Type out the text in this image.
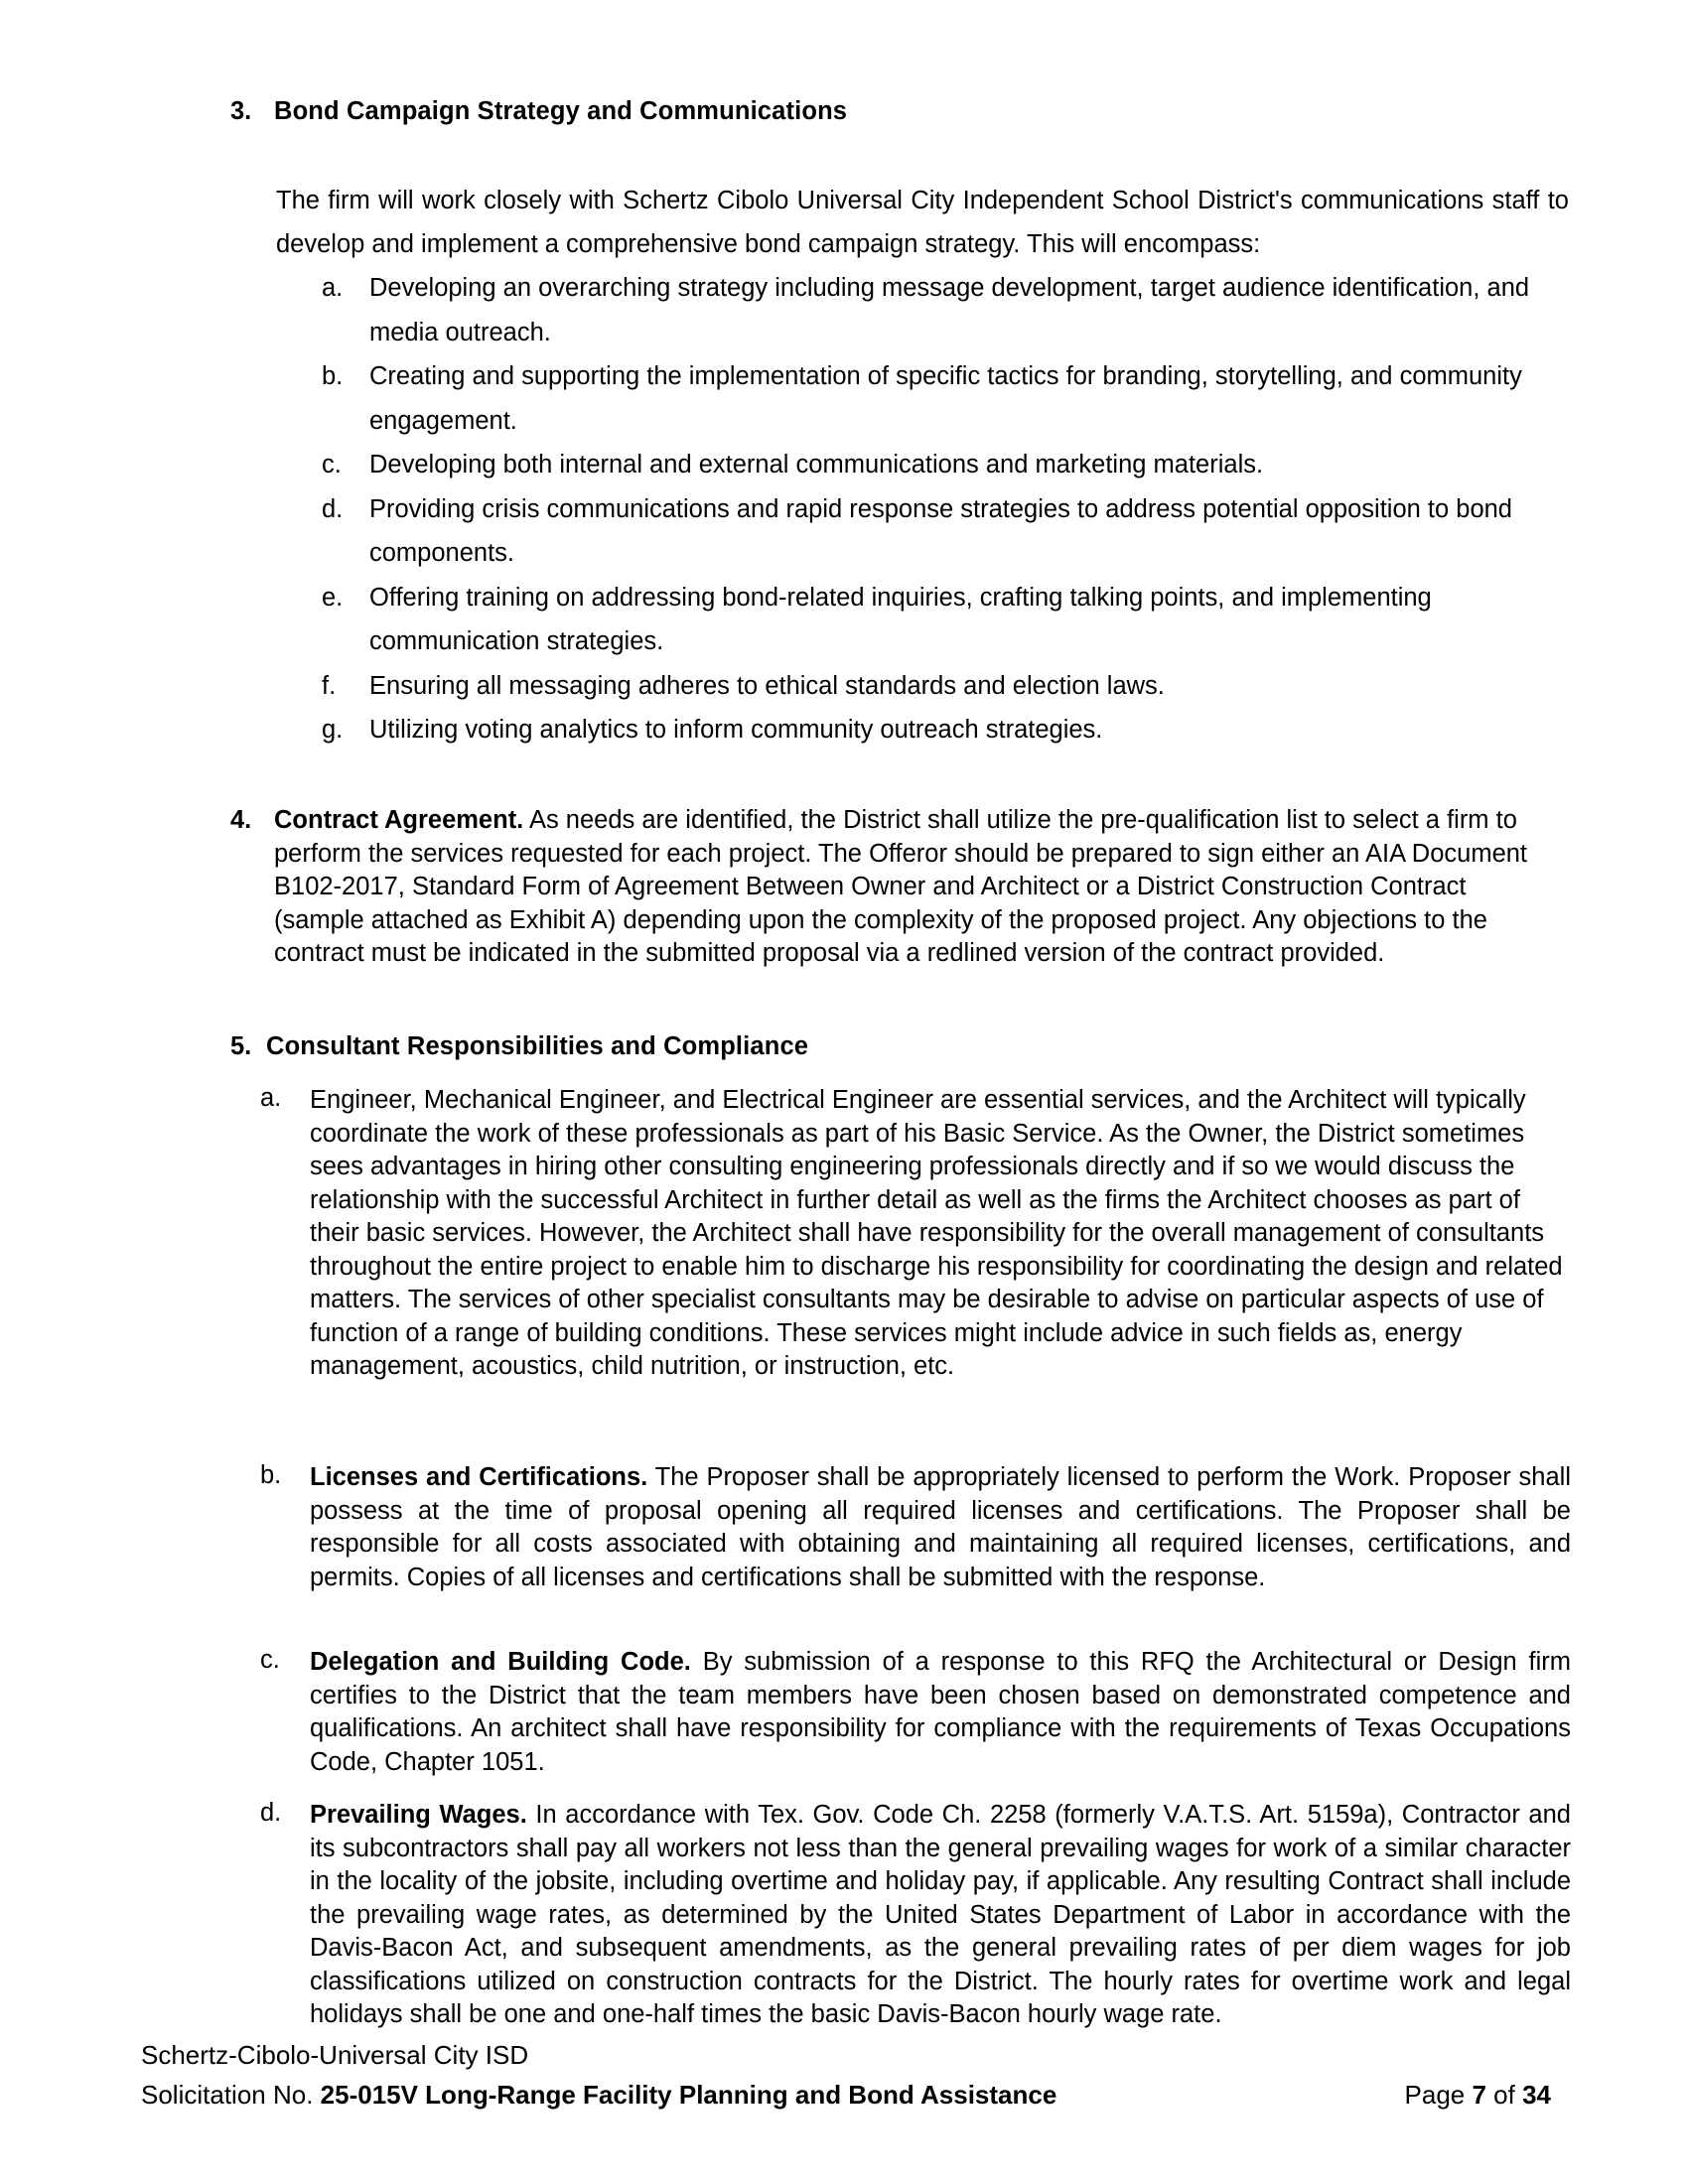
3. Bond Campaign Strategy and Communications
The firm will work closely with Schertz Cibolo Universal City Independent School District's communications staff to develop and implement a comprehensive bond campaign strategy. This will encompass:
a.	Developing an overarching strategy including message development, target audience identification, and media outreach.
b.	Creating and supporting the implementation of specific tactics for branding, storytelling, and community engagement.
c.	Developing both internal and external communications and marketing materials.
d.	Providing crisis communications and rapid response strategies to address potential opposition to bond components.
e.	Offering training on addressing bond-related inquiries, crafting talking points, and implementing communication strategies.
f.	Ensuring all messaging adheres to ethical standards and election laws.
g.	Utilizing voting analytics to inform community outreach strategies.
4. Contract Agreement. As needs are identified, the District shall utilize the pre-qualification list to select a firm to perform the services requested for each project. The Offeror should be prepared to sign either an AIA Document B102-2017, Standard Form of Agreement Between Owner and Architect or a District Construction Contract (sample attached as Exhibit A) depending upon the complexity of the proposed project. Any objections to the contract must be indicated in the submitted proposal via a redlined version of the contract provided.
5. Consultant Responsibilities and Compliance
a.	Engineer, Mechanical Engineer, and Electrical Engineer are essential services, and the Architect will typically coordinate the work of these professionals as part of his Basic Service. As the Owner, the District sometimes sees advantages in hiring other consulting engineering professionals directly and if so we would discuss the relationship with the successful Architect in further detail as well as the firms the Architect chooses as part of their basic services. However, the Architect shall have responsibility for the overall management of consultants throughout the entire project to enable him to discharge his responsibility for coordinating the design and related matters. The services of other specialist consultants may be desirable to advise on particular aspects of use of function of a range of building conditions. These services might include advice in such fields as, energy management, acoustics, child nutrition, or instruction, etc.
b.	Licenses and Certifications. The Proposer shall be appropriately licensed to perform the Work. Proposer shall possess at the time of proposal opening all required licenses and certifications. The Proposer shall be responsible for all costs associated with obtaining and maintaining all required licenses, certifications, and permits. Copies of all licenses and certifications shall be submitted with the response.
c.	Delegation and Building Code. By submission of a response to this RFQ the Architectural or Design firm certifies to the District that the team members have been chosen based on demonstrated competence and qualifications. An architect shall have responsibility for compliance with the requirements of Texas Occupations Code, Chapter 1051.
d.	Prevailing Wages. In accordance with Tex. Gov. Code Ch. 2258 (formerly V.A.T.S. Art. 5159a), Contractor and its subcontractors shall pay all workers not less than the general prevailing wages for work of a similar character in the locality of the jobsite, including overtime and holiday pay, if applicable. Any resulting Contract shall include the prevailing wage rates, as determined by the United States Department of Labor in accordance with the Davis-Bacon Act, and subsequent amendments, as the general prevailing rates of per diem wages for job classifications utilized on construction contracts for the District. The hourly rates for overtime work and legal holidays shall be one and one-half times the basic Davis-Bacon hourly wage rate.
Schertz-Cibolo-Universal City ISD
Solicitation No. 25-015V Long-Range Facility Planning and Bond Assistance	Page 7 of 34
